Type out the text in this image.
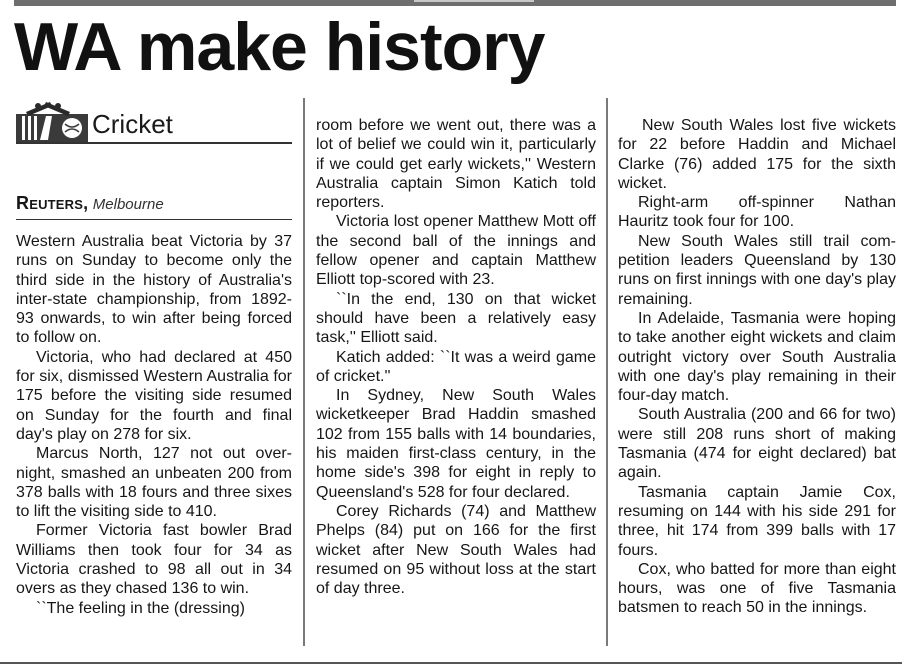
WA make history
Cricket
Reuters, Melbourne

Western Australia beat Victoria by 37 runs on Sunday to become only the third side in the history of Australia's inter-state championship, from 1892-93 onwards, to win after being forced to follow on.

Victoria, who had declared at 450 for six, dismissed Western Australia for 175 before the visiting side resumed on Sunday for the fourth and final day's play on 278 for six.

Marcus North, 127 not out overnight, smashed an unbeaten 200 from 378 balls with 18 fours and three sixes to lift the visiting side to 410.

Former Victoria fast bowler Brad Williams then took four for 34 as Victoria crashed to 98 all out in 34 overs as they chased 136 to win.

``The feeling in the (dressing)

room before we went out, there was a lot of belief we could win it, particularly if we could get early wickets,'' Western Australia captain Simon Katich told reporters.

Victoria lost opener Matthew Mott off the second ball of the innings and fellow opener and captain Matthew Elliott top-scored with 23.

``In the end, 130 on that wicket should have been a relatively easy task,'' Elliott said.

Katich added: ``It was a weird game of cricket.''

In Sydney, New South Wales wicketkeeper Brad Haddin smashed 102 from 155 balls with 14 boundaries, his maiden first-class century, in the home side's 398 for eight in reply to Queensland's 528 for four declared.

Corey Richards (74) and Matthew Phelps (84) put on 166 for the first wicket after New South Wales had resumed on 95 without loss at the start of day three.

New South Wales lost five wickets for 22 before Haddin and Michael Clarke (76) added 175 for the sixth wicket.

Right-arm off-spinner Nathan Hauritz took four for 100.

New South Wales still trail competition leaders Queensland by 130 runs on first innings with one day's play remaining.

In Adelaide, Tasmania were hoping to take another eight wickets and claim outright victory over South Australia with one day's play remaining in their four-day match.

South Australia (200 and 66 for two) were still 208 runs short of making Tasmania (474 for eight declared) bat again.

Tasmania captain Jamie Cox, resuming on 144 with his side 291 for three, hit 174 from 399 balls with 17 fours.

Cox, who batted for more than eight hours, was one of five Tasmania batsmen to reach 50 in the innings.
